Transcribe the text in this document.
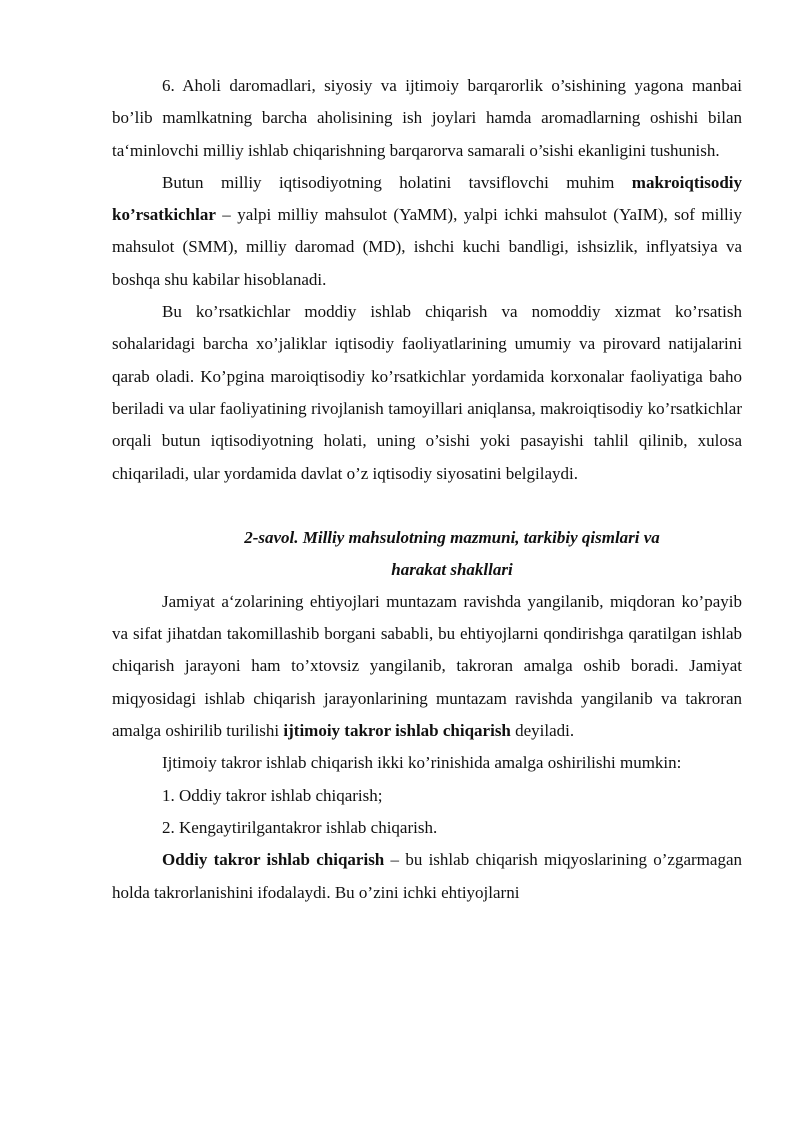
6. Aholi daromadlari, siyosiy va ijtimoiy barqarorlik o’sishining yagona manbai bo’lib mamlkatning barcha aholisining ish joylari hamda aromadlarning oshishi bilan ta‘minlovchi milliy ishlab chiqarishning barqarorva samarali o’sishi ekanligini tushunish.

Butun milliy iqtisodiyotning holatini tavsiflovchi muhim makroiqtisodiy ko’rsatkichlar – yalpi milliy mahsulot (YaMM), yalpi ichki mahsulot (YaIM), sof milliy mahsulot (SMM), milliy daromad (MD), ishchi kuchi bandligi, ishsizlik, inflyatsiya va boshqa shu kabilar hisoblanadi.

Bu ko’rsatkichlar moddiy ishlab chiqarish va nomoddiy xizmat ko’rsatish sohalaridagi barcha xo’jaliklar iqtisodiy faoliyatlarining umumiy va pirovard natijalarini qarab oladi. Ko’pgina maroiqtisodiy ko’rsatkichlar yordamida korxonalar faoliyatiga baho beriladi va ular faoliyatining rivojlanish tamoyillari aniqlansa, makroiqtisodiy ko’rsatkichlar orqali butun iqtisodiyotning holati, uning o’sishi yoki pasayishi tahlil qilinib, xulosa chiqariladi, ular yordamida davlat o’z iqtisodiy siyosatini belgilaydi.

2-savol. Milliy mahsulotning mazmuni, tarkibiy qismlari va
harakat shakllari

Jamiyat a‘zolarining ehtiyojlari muntazam ravishda yangilanib, miqdoran ko’payib va sifat jihatdan takomillashib borgani sababli, bu ehtiyojlarni qondirishga qaratilgan ishlab chiqarish jarayoni ham to’xtovsiz yangilanib, takroran amalga oshib boradi. Jamiyat miqyosidagi ishlab chiqarish jarayonlarining muntazam ravishda yangilanib va takroran amalga oshirilib turilishi ijtimoiy takror ishlab chiqarish deyiladi.

Ijtimoiy takror ishlab chiqarish ikki ko’rinishida amalga oshirilishi mumkin:

1. Oddiy takror ishlab chiqarish;

2. Kengaytirilgantakror ishlab chiqarish.

Oddiy takror ishlab chiqarish – bu ishlab chiqarish miqyoslarining o’zgarmagan holda takrorlanishini ifodalaydi. Bu o’zini ichki ehtiyojlarni
